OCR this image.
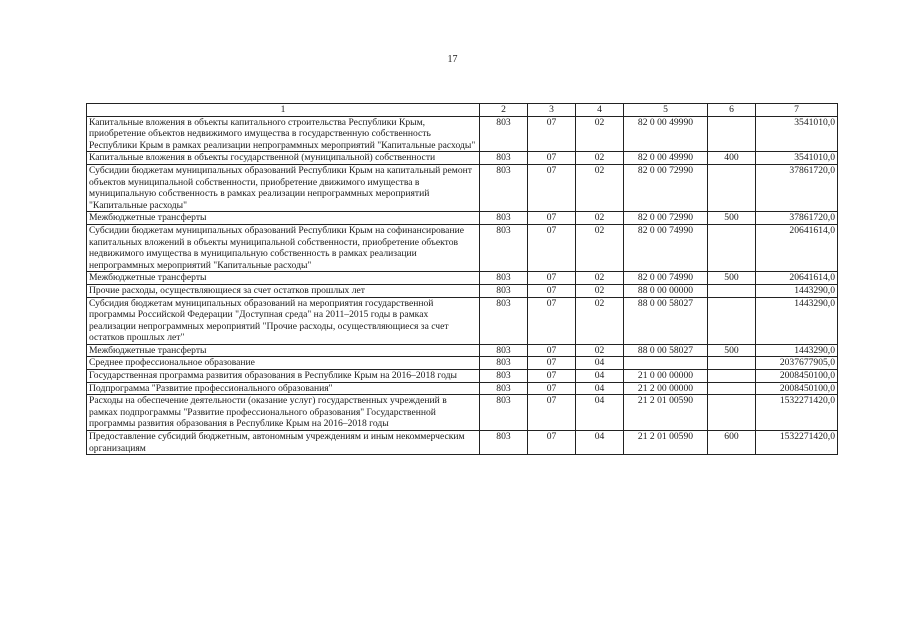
17
1	2	3	4	5	6	7
Капитальные вложения в объекты капитального строительства Республики Крым, приобретение объектов недвижимого имущества в государственную собственность Республики Крым в рамках реализации непрограммных мероприятий "Капитальные расходы"	803	07	02	82 0 00 49990		3541010,0
Капитальные вложения в объекты государственной (муниципальной) собственности	803	07	02	82 0 00 49990	400	3541010,0
Субсидии бюджетам муниципальных образований Республики Крым на капитальный ремонт объектов муниципальной собственности, приобретение движимого имущества в муниципальную собственность в рамках реализации непрограммных мероприятий "Капитальные расходы"	803	07	02	82 0 00 72990		37861720,0
Межбюджетные трансферты	803	07	02	82 0 00 72990	500	37861720,0
Субсидии бюджетам муниципальных образований Республики Крым на софинансирование капитальных вложений в объекты муниципальной собственности, приобретение объектов недвижимого имущества в муниципальную собственность в рамках реализации непрограммных мероприятий "Капитальные расходы"	803	07	02	82 0 00 74990		20641614,0
Межбюджетные трансферты	803	07	02	82 0 00 74990	500	20641614,0
Прочие расходы, осуществляющиеся за счет остатков прошлых лет	803	07	02	88 0 00 00000		1443290,0
Субсидия бюджетам муниципальных образований на мероприятия государственной программы Российской Федерации "Доступная среда" на 2011–2015 годы в рамках реализации непрограммных мероприятий "Прочие расходы, осуществляющиеся за счет остатков прошлых лет"	803	07	02	88 0 00 58027		1443290,0
Межбюджетные трансферты	803	07	02	88 0 00 58027	500	1443290,0
Среднее профессиональное образование	803	07	04			2037677905,0
Государственная программа развития образования в Республике Крым на 2016–2018 годы	803	07	04	21 0 00 00000		2008450100,0
Подпрограмма "Развитие профессионального образования"	803	07	04	21 2 00 00000		2008450100,0
Расходы на обеспечение деятельности (оказание услуг) государственных учреждений в рамках подпрограммы "Развитие профессионального образования" Государственной программы развития образования в Республике Крым на 2016–2018 годы	803	07	04	21 2 01 00590		1532271420,0
Предоставление субсидий бюджетным, автономным учреждениям и иным некоммерческим организациям	803	07	04	21 2 01 00590	600	1532271420,0
